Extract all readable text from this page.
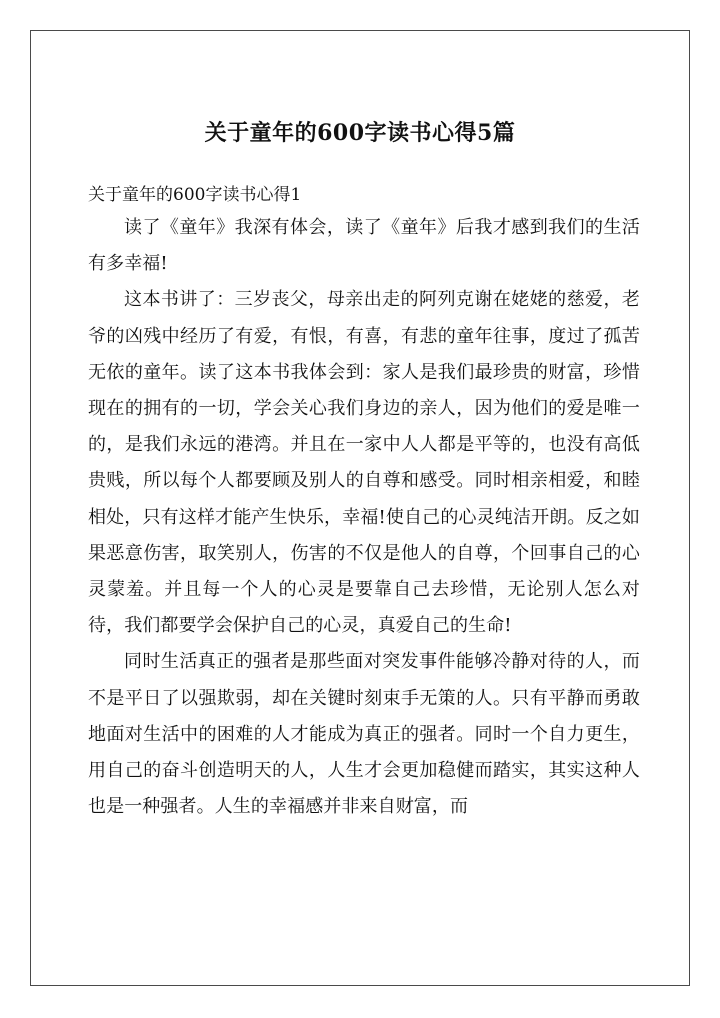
关于童年的600字读书心得5篇
关于童年的600字读书心得1

读了《童年》我深有体会，读了《童年》后我才感到我们的生活有多幸福!

这本书讲了：三岁丧父，母亲出走的阿列克谢在姥姥的慈爱，老爷的凶残中经历了有爱，有恨，有喜，有悲的童年往事，度过了孤苦无依的童年。读了这本书我体会到：家人是我们最珍贵的财富，珍惜现在的拥有的一切，学会关心我们身边的亲人，因为他们的爱是唯一的，是我们永远的港湾。并且在一家中人人都是平等的，也没有高低贵贱，所以每个人都要顾及别人的自尊和感受。同时相亲相爱，和睦相处，只有这样才能产生快乐，幸福!使自己的心灵纯洁开朗。反之如果恶意伤害，取笑别人，伤害的不仅是他人的自尊，个回事自己的心灵蒙羞。并且每一个人的心灵是要靠自己去珍惜，无论别人怎么对待，我们都要学会保护自己的心灵，真爱自己的生命!

同时生活真正的强者是那些面对突发事件能够冷静对待的人，而不是平日了以强欺弱，却在关键时刻束手无策的人。只有平静而勇敢地面对生活中的困难的人才能成为真正的强者。同时一个自力更生，用自己的奋斗创造明天的人，人生才会更加稳健而踏实，其实这种人也是一种强者。人生的幸福感并非来自财富，而
